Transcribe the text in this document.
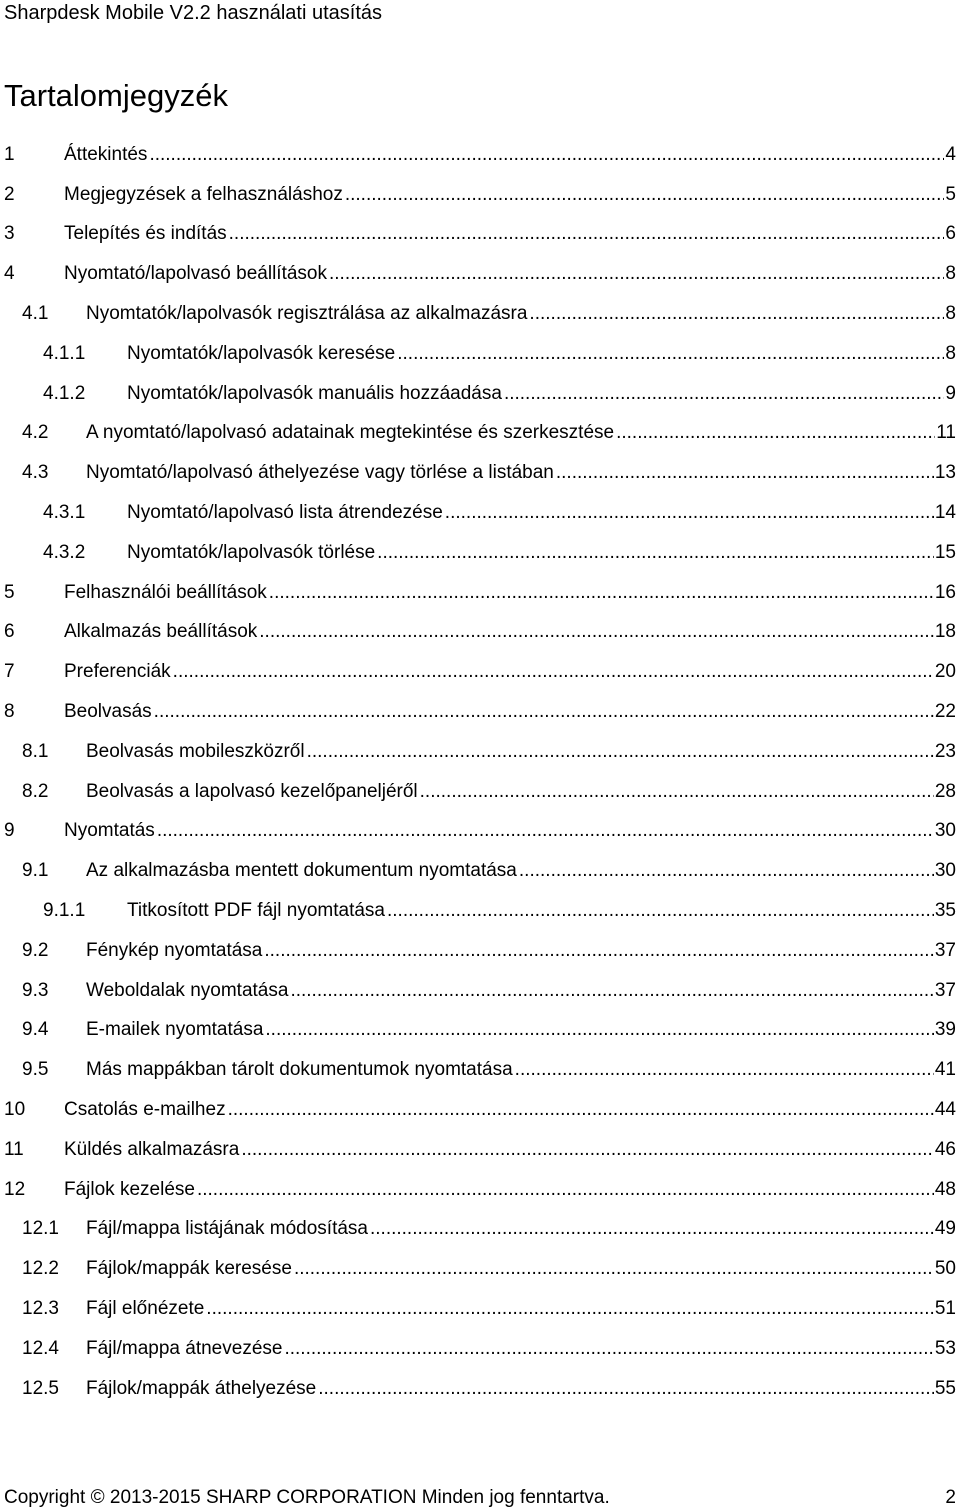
Sharpdesk Mobile V2.2 használati utasítás
Tartalomjegyzék
1	Áttekintés .....	4
2	Megjegyzések a felhasználáshoz .....	5
3	Telepítés és indítás .....	6
4	Nyomtató/lapolvasó beállítások .....	8
4.1 Nyomtatók/lapolvasók regisztrálása az alkalmazásra .....	8
4.1.1 Nyomtatók/lapolvasók keresése .....	8
4.1.2 Nyomtatók/lapolvasók manuális hozzáadása .....	9
4.2 A nyomtató/lapolvasó adatainak megtekintése és szerkesztése .....	11
4.3 Nyomtató/lapolvasó áthelyezése vagy törlése a listában .....	13
4.3.1 Nyomtató/lapolvasó lista átrendezése .....	14
4.3.2 Nyomtatók/lapolvasók törlése .....	15
5	Felhasználói beállítások .....	16
6	Alkalmazás beállítások .....	18
7	Preferenciák .....	20
8	Beolvasás .....	22
8.1 Beolvasás mobileszközről .....	23
8.2 Beolvasás a lapolvasó kezelőpaneljéről .....	28
9	Nyomtatás .....	30
9.1 Az alkalmazásba mentett dokumentum nyomtatása .....	30
9.1.1 Titkosított PDF fájl nyomtatása .....	35
9.2 Fénykép nyomtatása .....	37
9.3 Weboldalak nyomtatása .....	37
9.4 E-mailek nyomtatása .....	39
9.5 Más mappákban tárolt dokumentumok nyomtatása .....	41
10 Csatolás e-mailhez .....	44
11 Küldés alkalmazásra .....	46
12 Fájlok kezelése .....	48
12.1 Fájl/mappa listájának módosítása .....	49
12.2 Fájlok/mappák keresése .....	50
12.3 Fájl előnézete .....	51
12.4 Fájl/mappa átnevezése .....	53
12.5 Fájlok/mappák áthelyezése .....	55
Copyright © 2013-2015 SHARP CORPORATION Minden jog fenntartva.	2
